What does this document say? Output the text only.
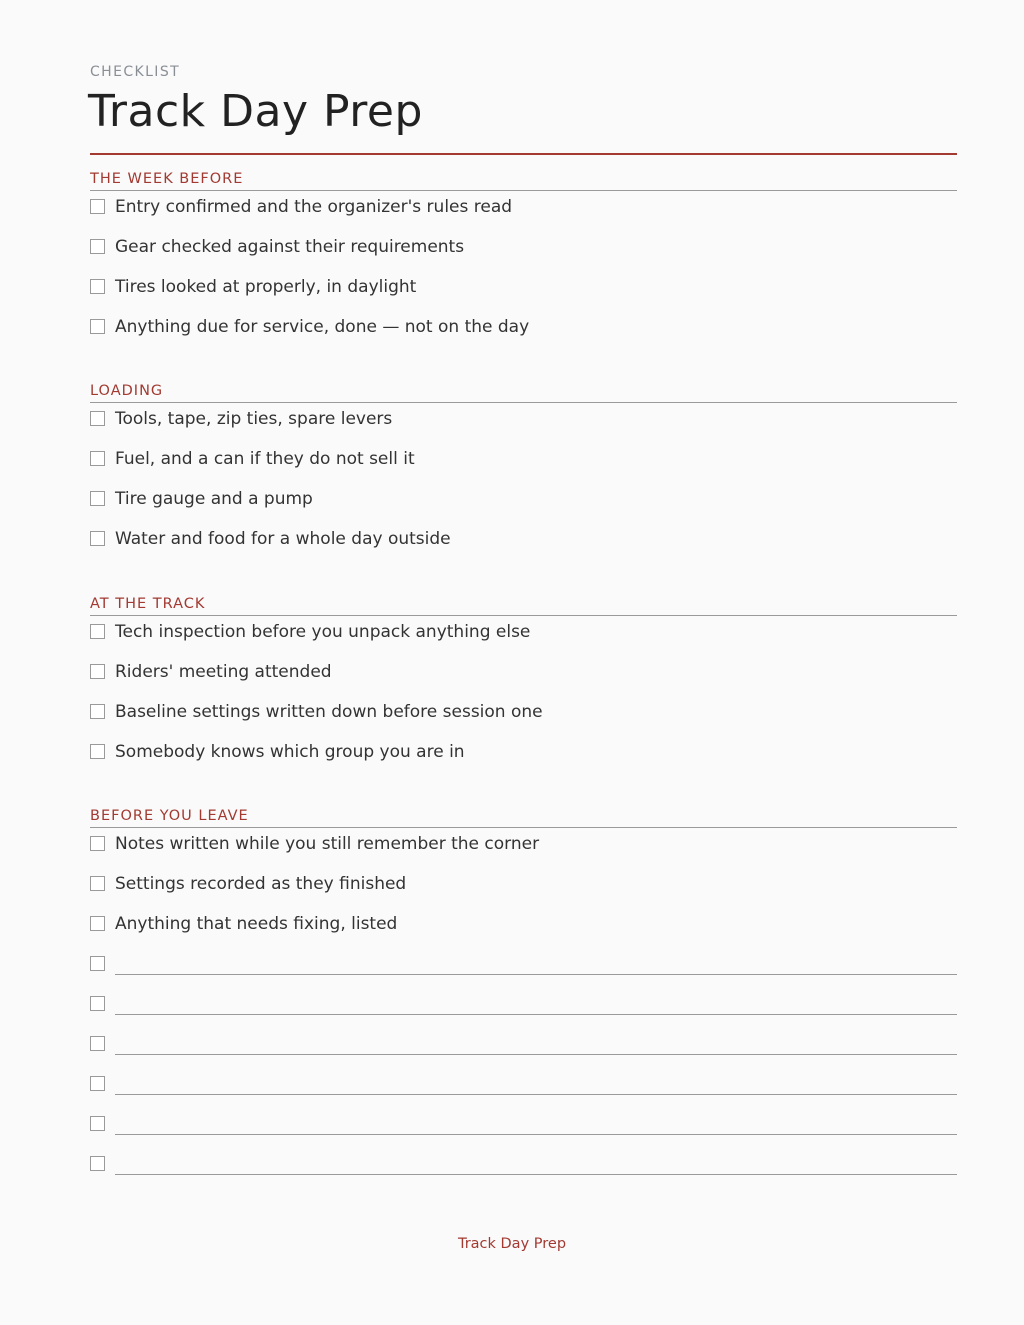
CHECKLIST
Track Day Prep
THE WEEK BEFORE
Entry confirmed and the organizer's rules read
Gear checked against their requirements
Tires looked at properly, in daylight
Anything due for service, done — not on the day
LOADING
Tools, tape, zip ties, spare levers
Fuel, and a can if they do not sell it
Tire gauge and a pump
Water and food for a whole day outside
AT THE TRACK
Tech inspection before you unpack anything else
Riders' meeting attended
Baseline settings written down before session one
Somebody knows which group you are in
BEFORE YOU LEAVE
Notes written while you still remember the corner
Settings recorded as they finished
Anything that needs fixing, listed
Track Day Prep
